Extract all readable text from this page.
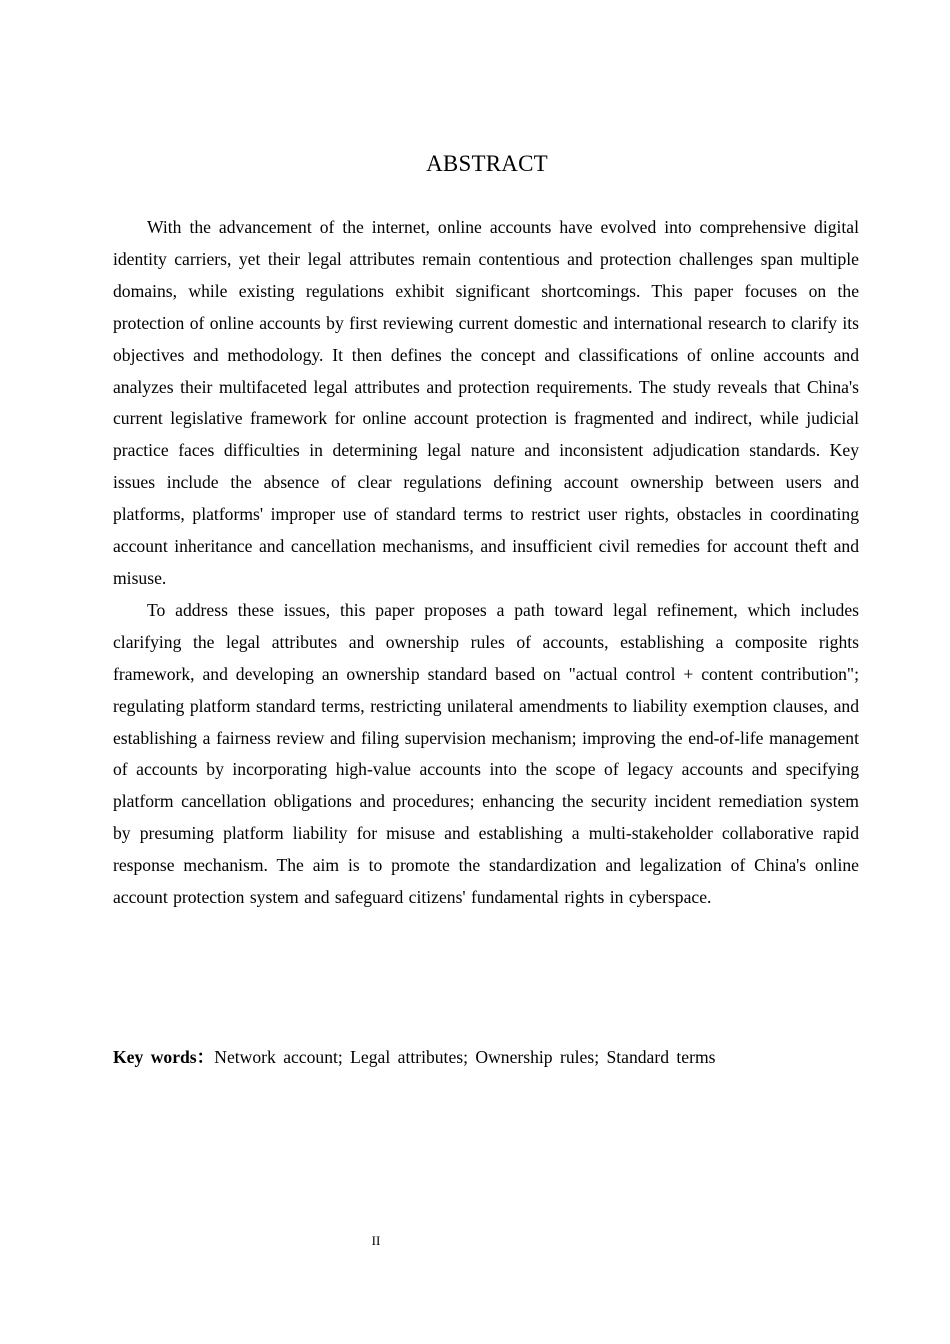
ABSTRACT

With the advancement of the internet, online accounts have evolved into comprehensive digital identity carriers, yet their legal attributes remain contentious and protection challenges span multiple domains, while existing regulations exhibit significant shortcomings. This paper focuses on the protection of online accounts by first reviewing current domestic and international research to clarify its objectives and methodology. It then defines the concept and classifications of online accounts and analyzes their multifaceted legal attributes and protection requirements. The study reveals that China's current legislative framework for online account protection is fragmented and indirect, while judicial practice faces difficulties in determining legal nature and inconsistent adjudication standards. Key issues include the absence of clear regulations defining account ownership between users and platforms, platforms' improper use of standard terms to restrict user rights, obstacles in coordinating account inheritance and cancellation mechanisms, and insufficient civil remedies for account theft and misuse.

To address these issues, this paper proposes a path toward legal refinement, which includes clarifying the legal attributes and ownership rules of accounts, establishing a composite rights framework, and developing an ownership standard based on "actual control + content contribution"; regulating platform standard terms, restricting unilateral amendments to liability exemption clauses, and establishing a fairness review and filing supervision mechanism; improving the end-of-life management of accounts by incorporating high-value accounts into the scope of legacy accounts and specifying platform cancellation obligations and procedures; enhancing the security incident remediation system by presuming platform liability for misuse and establishing a multi-stakeholder collaborative rapid response mechanism. The aim is to promote the standardization and legalization of China's online account protection system and safeguard citizens' fundamental rights in cyberspace.

Key words：Network account; Legal attributes; Ownership rules; Standard terms
II
